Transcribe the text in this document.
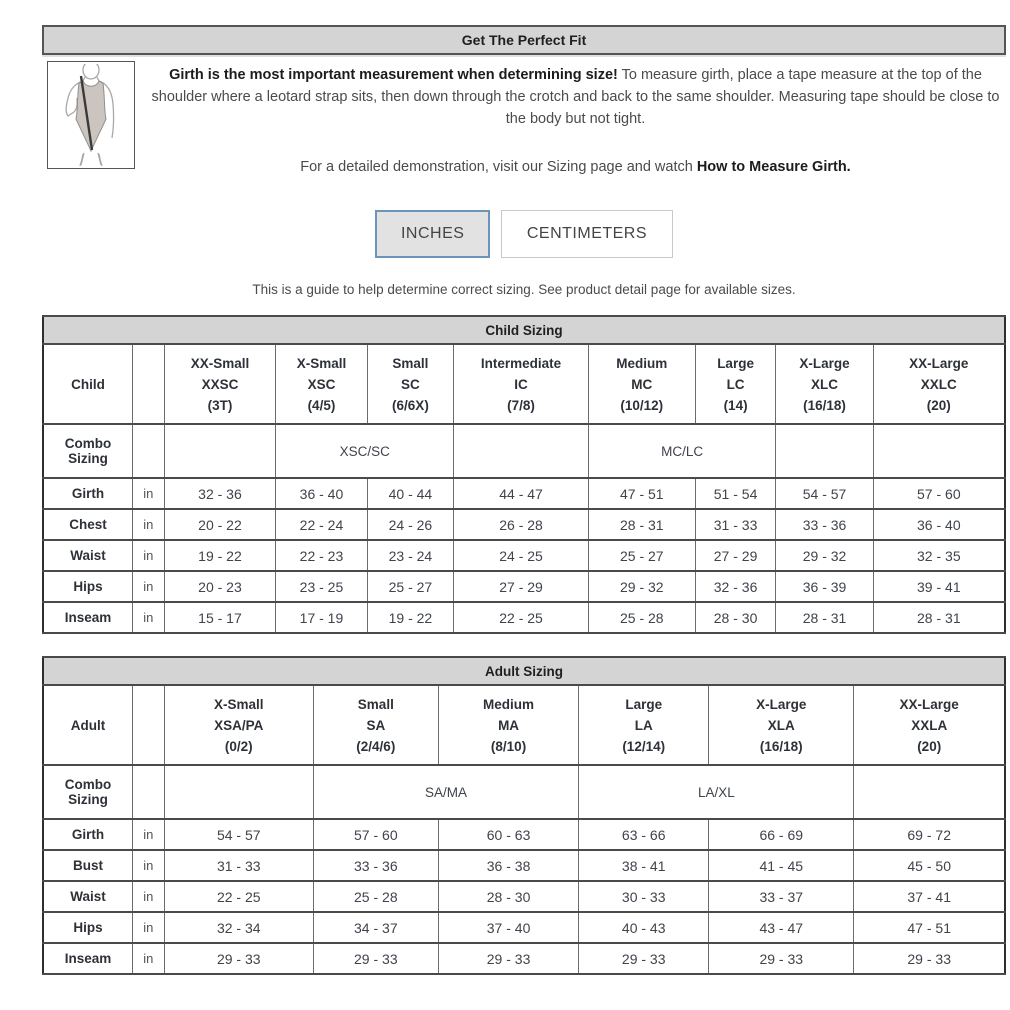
Get The Perfect Fit
Girth is the most important measurement when determining size! To measure girth, place a tape measure at the top of the shoulder where a leotard strap sits, then down through the crotch and back to the same shoulder. Measuring tape should be close to the body but not tight.
For a detailed demonstration, visit our Sizing page and watch How to Measure Girth.
INCHES	CENTIMETERS
This is a guide to help determine correct sizing. See product detail page for available sizes.
Child Sizing									
Child		
XX-Small
XXSC
(3T)

X-Small
XSC
(4/5)

Small
SC
(6/6X)

Intermediate
IC
(7/8)

Medium
MC
(10/12)

Large
LC
(14)

X-Large
XLC
(16/18)

XX-Large
XXLC
(20)

Combo Sizing			XSC/SC			MC/LC			
Girth	in	32 - 36	36 - 40	40 - 44	44 - 47	47 - 51	51 - 54	54 - 57	57 - 60
Chest	in	20 - 22	22 - 24	24 - 26	26 - 28	28 - 31	31 - 33	33 - 36	36 - 40
Waist	in	19 - 22	22 - 23	23 - 24	24 - 25	25 - 27	27 - 29	29 - 32	32 - 35
Hips	in	20 - 23	23 - 25	25 - 27	27 - 29	29 - 32	32 - 36	36 - 39	39 - 41
Inseam	in	15 - 17	17 - 19	19 - 22	22 - 25	25 - 28	28 - 30	28 - 31	28 - 31
Adult Sizing							
Adult		
X-Small
XSA/PA
(0/2)

Small
SA
(2/4/6)

Medium
MA
(8/10)

Large
LA
(12/14)

X-Large
XLA
(16/18)

XX-Large
XXLA
(20)

Combo Sizing			SA/MA		LA/XL		
Girth	in	54 - 57	57 - 60	60 - 63	63 - 66	66 - 69	69 - 72
Bust	in	31 - 33	33 - 36	36 - 38	38 - 41	41 - 45	45 - 50
Waist	in	22 - 25	25 - 28	28 - 30	30 - 33	33 - 37	37 - 41
Hips	in	32 - 34	34 - 37	37 - 40	40 - 43	43 - 47	47 - 51
Inseam	in	29 - 33	29 - 33	29 - 33	29 - 33	29 - 33	29 - 33
